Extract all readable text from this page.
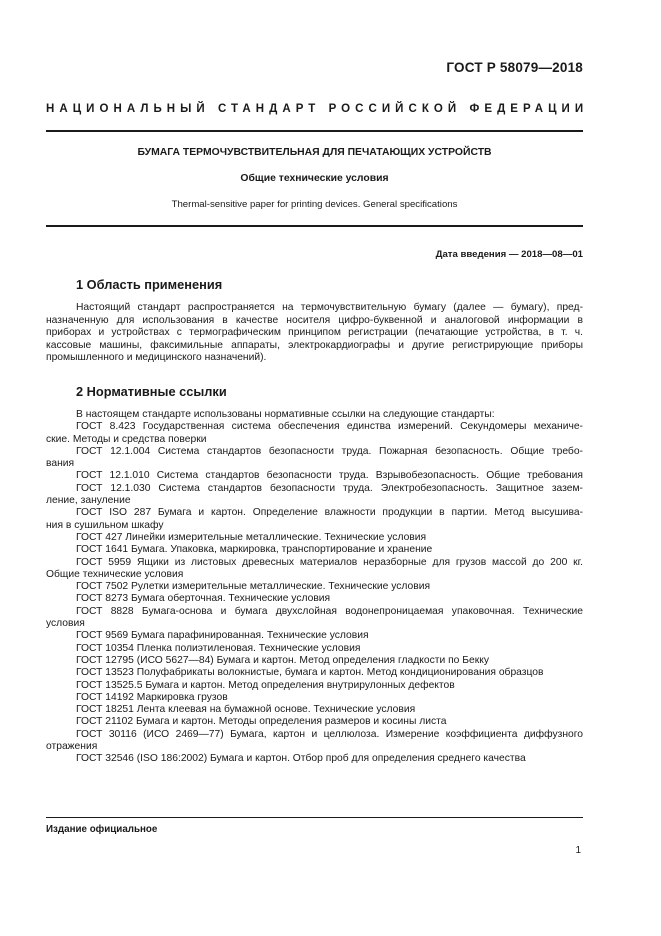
ГОСТ Р 58079—2018
НАЦИОНАЛЬНЫЙ СТАНДАРТ РОССИЙСКОЙ ФЕДЕРАЦИИ
БУМАГА ТЕРМОЧУВСТВИТЕЛЬНАЯ ДЛЯ ПЕЧАТАЮЩИХ УСТРОЙСТВ
Общие технические условия
Thermal-sensitive paper for printing devices. General specifications
Дата введения — 2018—08—01
1 Область применения
Настоящий стандарт распространяется на термочувствительную бумагу (далее — бумагу), пред-
назначенную для использования в качестве носителя цифро-буквенной и аналоговой информации в
приборах и устройствах с термографическим принципом регистрации (печатающие устройства, в т. ч.
кассовые машины, факсимильные аппараты, электрокардиографы и другие регистрирующие приборы
промышленного и медицинского назначений).
2 Нормативные ссылки
В настоящем стандарте использованы нормативные ссылки на следующие стандарты:
ГОСТ 8.423 Государственная система обеспечения единства измерений. Секундомеры механиче-
ские. Методы и средства поверки
ГОСТ 12.1.004 Система стандартов безопасности труда. Пожарная безопасность. Общие требо-
вания
ГОСТ 12.1.010 Система стандартов безопасности труда. Взрывобезопасность. Общие требования
ГОСТ 12.1.030 Система стандартов безопасности труда. Электробезопасность. Защитное зазем-
ление, зануление
ГОСТ ISO 287 Бумага и картон. Определение влажности продукции в партии. Метод высушива-
ния в сушильном шкафу
ГОСТ 427 Линейки измерительные металлические. Технические условия
ГОСТ 1641 Бумага. Упаковка, маркировка, транспортирование и хранение
ГОСТ 5959 Ящики из листовых древесных материалов неразборные для грузов массой до 200 кг.
Общие технические условия
ГОСТ 7502 Рулетки измерительные металлические. Технические условия
ГОСТ 8273 Бумага оберточная. Технические условия
ГОСТ 8828 Бумага-основа и бумага двухслойная водонепроницаемая упаковочная. Технические
условия
ГОСТ 9569 Бумага парафинированная. Технические условия
ГОСТ 10354 Пленка полиэтиленовая. Технические условия
ГОСТ 12795 (ИСО 5627—84) Бумага и картон. Метод определения гладкости по Бекку
ГОСТ 13523 Полуфабрикаты волокнистые, бумага и картон. Метод кондиционирования образцов
ГОСТ 13525.5 Бумага и картон. Метод определения внутрирулонных дефектов
ГОСТ 14192 Маркировка грузов
ГОСТ 18251 Лента клеевая на бумажной основе. Технические условия
ГОСТ 21102 Бумага и картон. Методы определения размеров и косины листа
ГОСТ 30116 (ИСО 2469—77) Бумага, картон и целлюлоза. Измерение коэффициента диффузного
отражения
ГОСТ 32546 (ISO 186:2002) Бумага и картон. Отбор проб для определения среднего качества
Издание официальное
1
